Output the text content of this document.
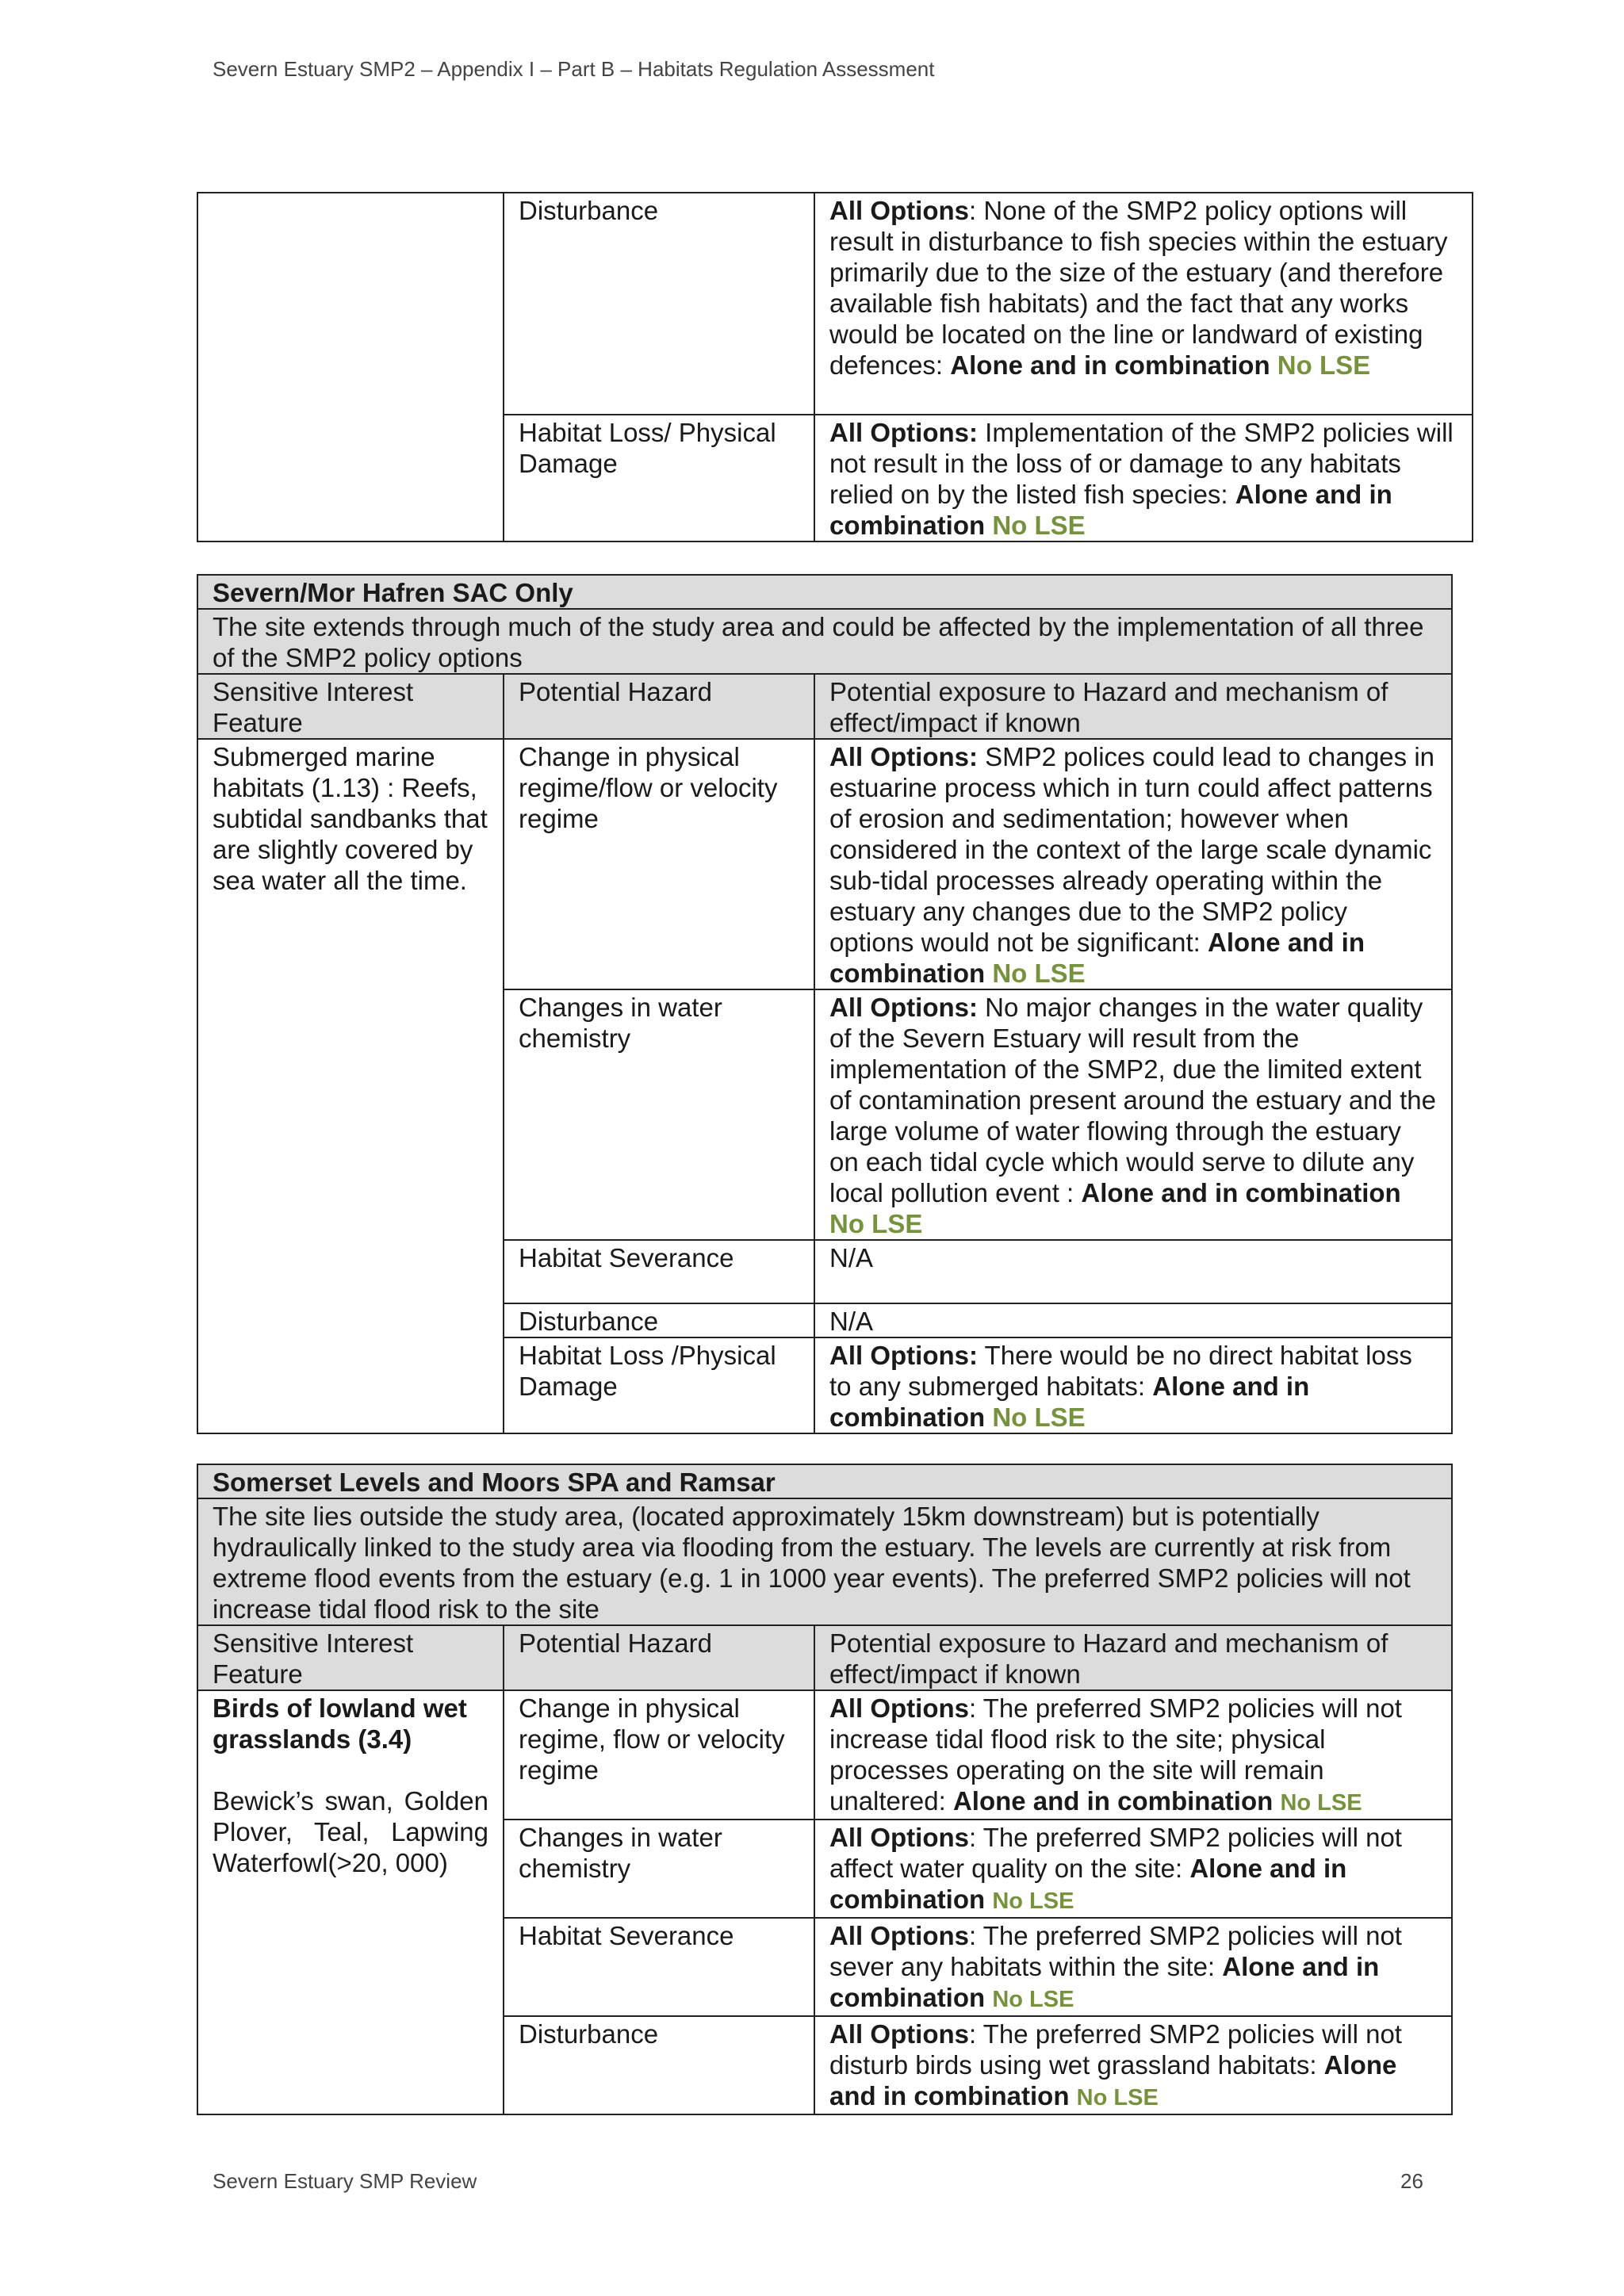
Severn Estuary SMP2 – Appendix I – Part B – Habitats Regulation Assessment
	Disturbance	All Options: None of the SMP2 policy options will result in disturbance to fish species within the estuary primarily due to the size of the estuary (and therefore available fish habitats) and the fact that any works would be located on the line or landward of existing defences: Alone and in combination No LSE
	Habitat Loss/ Physical Damage	All Options: Implementation of the SMP2 policies will not result in the loss of or damage to any habitats relied on by the listed fish species: Alone and in combination No LSE
Severn/Mor Hafren SAC Only		
The site extends through much of the study area and could be affected by the implementation of all three of the SMP2 policy options		
Sensitive Interest Feature	Potential Hazard	Potential exposure to Hazard and mechanism of effect/impact if known
Submerged marine habitats (1.13) : Reefs, subtidal sandbanks that are slightly covered by sea water all the time.	Change in physical regime/flow or velocity regime	All Options: SMP2 polices could lead to changes in estuarine process which in turn could affect patterns of erosion and sedimentation; however when considered in the context of the large scale dynamic sub-tidal processes already operating within the estuary any changes due to the SMP2 policy options would not be significant: Alone and in combination No LSE
	Changes in water chemistry	All Options: No major changes in the water quality of the Severn Estuary will result from the implementation of the SMP2, due the limited extent of contamination present around the estuary and the large volume of water flowing through the estuary on each tidal cycle which would serve to dilute any local pollution event : Alone and in combination No LSE
	Habitat Severance	N/A
	Disturbance	N/A
	Habitat Loss /Physical Damage	All Options: There would be no direct habitat loss to any submerged habitats: Alone and in combination No LSE
Somerset Levels and Moors SPA and Ramsar		
The site lies outside the study area, (located approximately 15km downstream) but is potentially hydraulically linked to the study area via flooding from the estuary. The levels are currently at risk from extreme flood events from the estuary (e.g. 1 in 1000 year events). The preferred SMP2 policies will not increase tidal flood risk to the site		
Sensitive Interest Feature	Potential Hazard	Potential exposure to Hazard and mechanism of effect/impact if known

Birds of lowland wet grasslands (3.4)
Bewick’s swan, Golden Plover, Teal, Lapwing Waterfowl(>20, 000)	Change in physical regime, flow or velocity regime	All Options: The preferred SMP2 policies will not increase tidal flood risk to the site; physical processes operating on the site will remain unaltered: Alone and in combination No LSE
	Changes in water chemistry	All Options: The preferred SMP2 policies will not affect water quality on the site: Alone and in combination No LSE
	Habitat Severance	All Options: The preferred SMP2 policies will not sever any habitats within the site: Alone and in combination No LSE
	Disturbance	All Options: The preferred SMP2 policies will not disturb birds using wet grassland habitats: Alone and in combination No LSE
Severn Estuary SMP Review	26
